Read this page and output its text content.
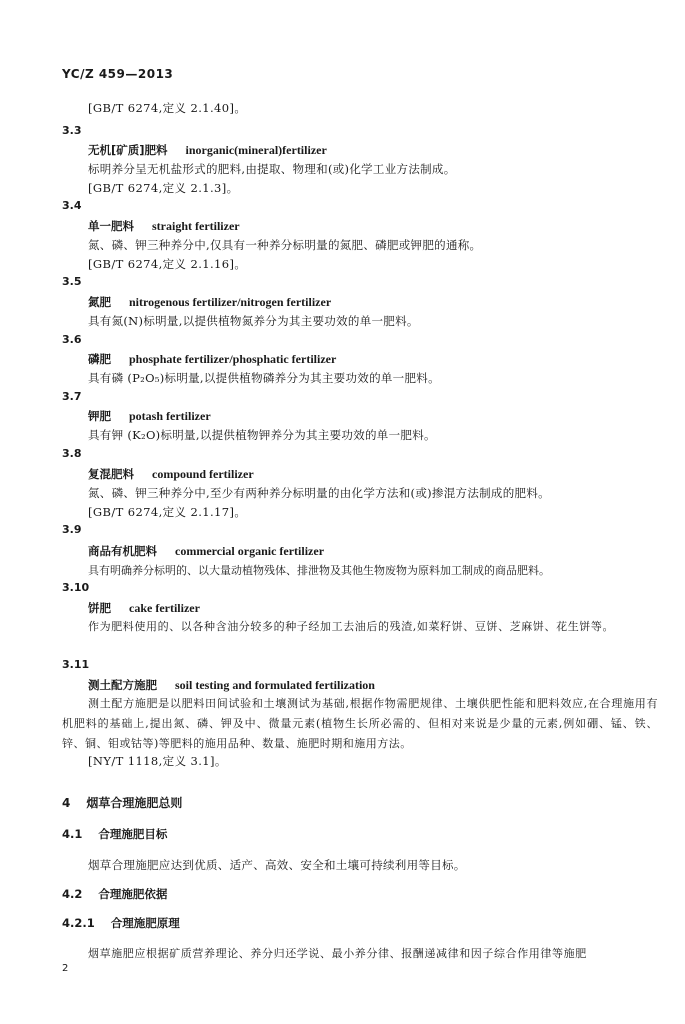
YC/Z 459—2013
[GB/T 6274,定义 2.1.40]。
3.3
无机[矿质]肥料 inorganic(mineral)fertilizer
标明养分呈无机盐形式的肥料,由提取、物理和(或)化学工业方法制成。
[GB/T 6274,定义 2.1.3]。
3.4
单一肥料 straight fertilizer
氮、磷、钾三种养分中,仅具有一种养分标明量的氮肥、磷肥或钾肥的通称。
[GB/T 6274,定义 2.1.16]。
3.5
氮肥 nitrogenous fertilizer/nitrogen fertilizer
具有氮(N)标明量,以提供植物氮养分为其主要功效的单一肥料。
3.6
磷肥 phosphate fertilizer/phosphatic fertilizer
具有磷 (P₂O₅)标明量,以提供植物磷养分为其主要功效的单一肥料。
3.7
钾肥 potash fertilizer
具有钾 (K₂O)标明量,以提供植物钾养分为其主要功效的单一肥料。
3.8
复混肥料 compound fertilizer
氮、磷、钾三种养分中,至少有两种养分标明量的由化学方法和(或)掺混方法制成的肥料。
[GB/T 6274,定义 2.1.17]。
3.9
商品有机肥料 commercial organic fertilizer
具有明确养分标明的、以大量动植物残体、排泄物及其他生物废物为原料加工制成的商品肥料。
3.10
饼肥 cake fertilizer
作为肥料使用的、以各种含油分较多的种子经加工去油后的残渣,如菜籽饼、豆饼、芝麻饼、花生饼等。
3.11
测土配方施肥 soil testing and formulated fertilization
测土配方施肥是以肥料田间试验和土壤测试为基础,根据作物需肥规律、土壤供肥性能和肥料效应,在合理施用有机肥料的基础上,提出氮、磷、钾及中、微量元素(植物生长所必需的、但相对来说是少量的元素,例如硼、锰、铁、锌、铜、钼或钴等)等肥料的施用品种、数量、施肥时期和施用方法。
[NY/T 1118,定义 3.1]。
4 烟草合理施肥总则
4.1 合理施肥目标
烟草合理施肥应达到优质、适产、高效、安全和土壤可持续利用等目标。
4.2 合理施肥依据
4.2.1 合理施肥原理
烟草施肥应根据矿质营养理论、养分归还学说、最小养分律、报酬递减律和因子综合作用律等施肥
2
